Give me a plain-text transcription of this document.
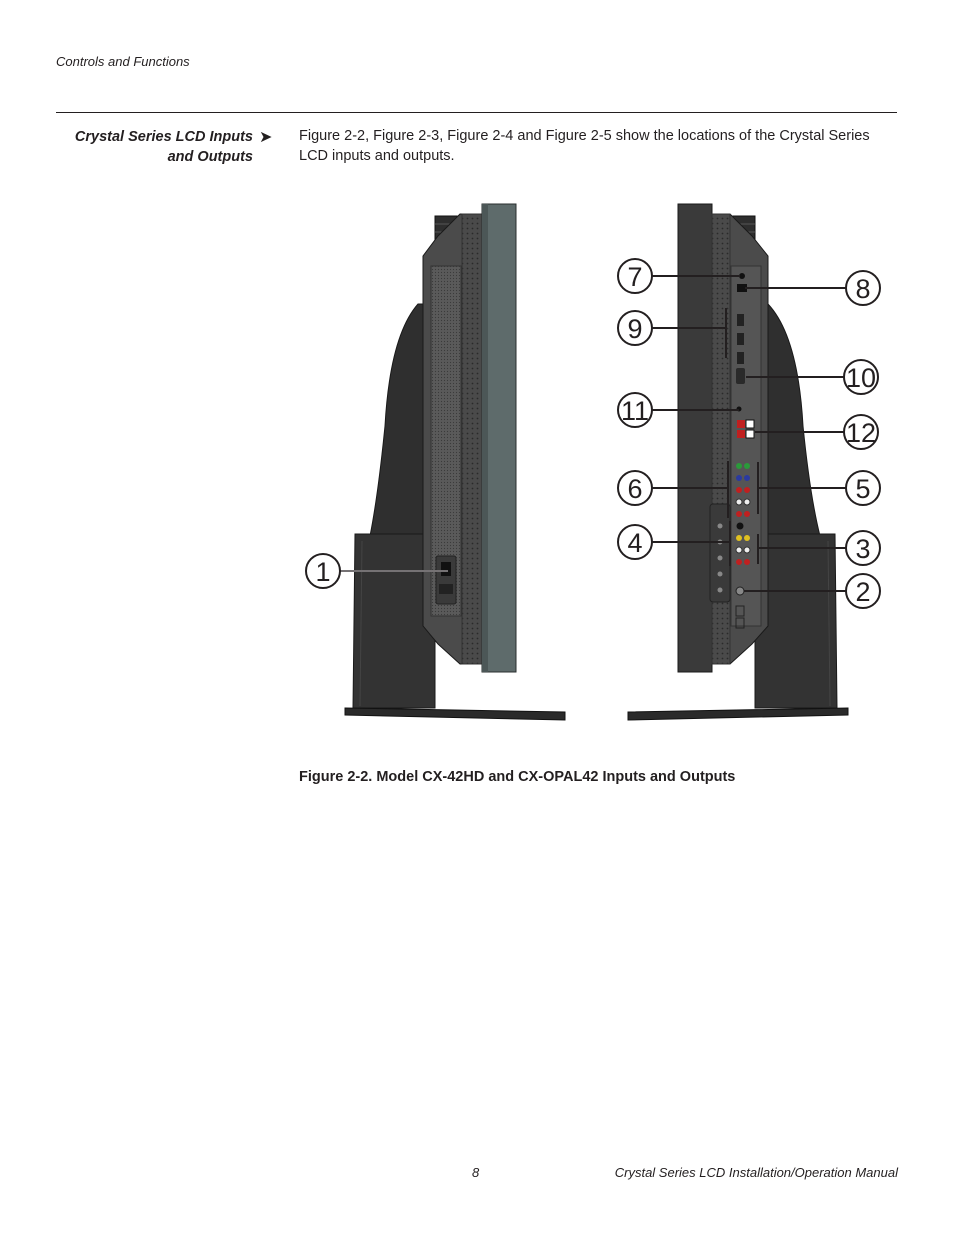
Controls and Functions
Crystal Series LCD Inputs
and Outputs
➤ Figure 2-2, Figure 2-3, Figure 2-4 and Figure 2-5 show the locations of the Crystal Series LCD inputs and outputs.
1
7
9
11
6
4
8
10
12
5
3
2
Figure 2-2. Model CX-42HD and CX-OPAL42 Inputs and Outputs
8	Crystal Series LCD Installation/Operation Manual
